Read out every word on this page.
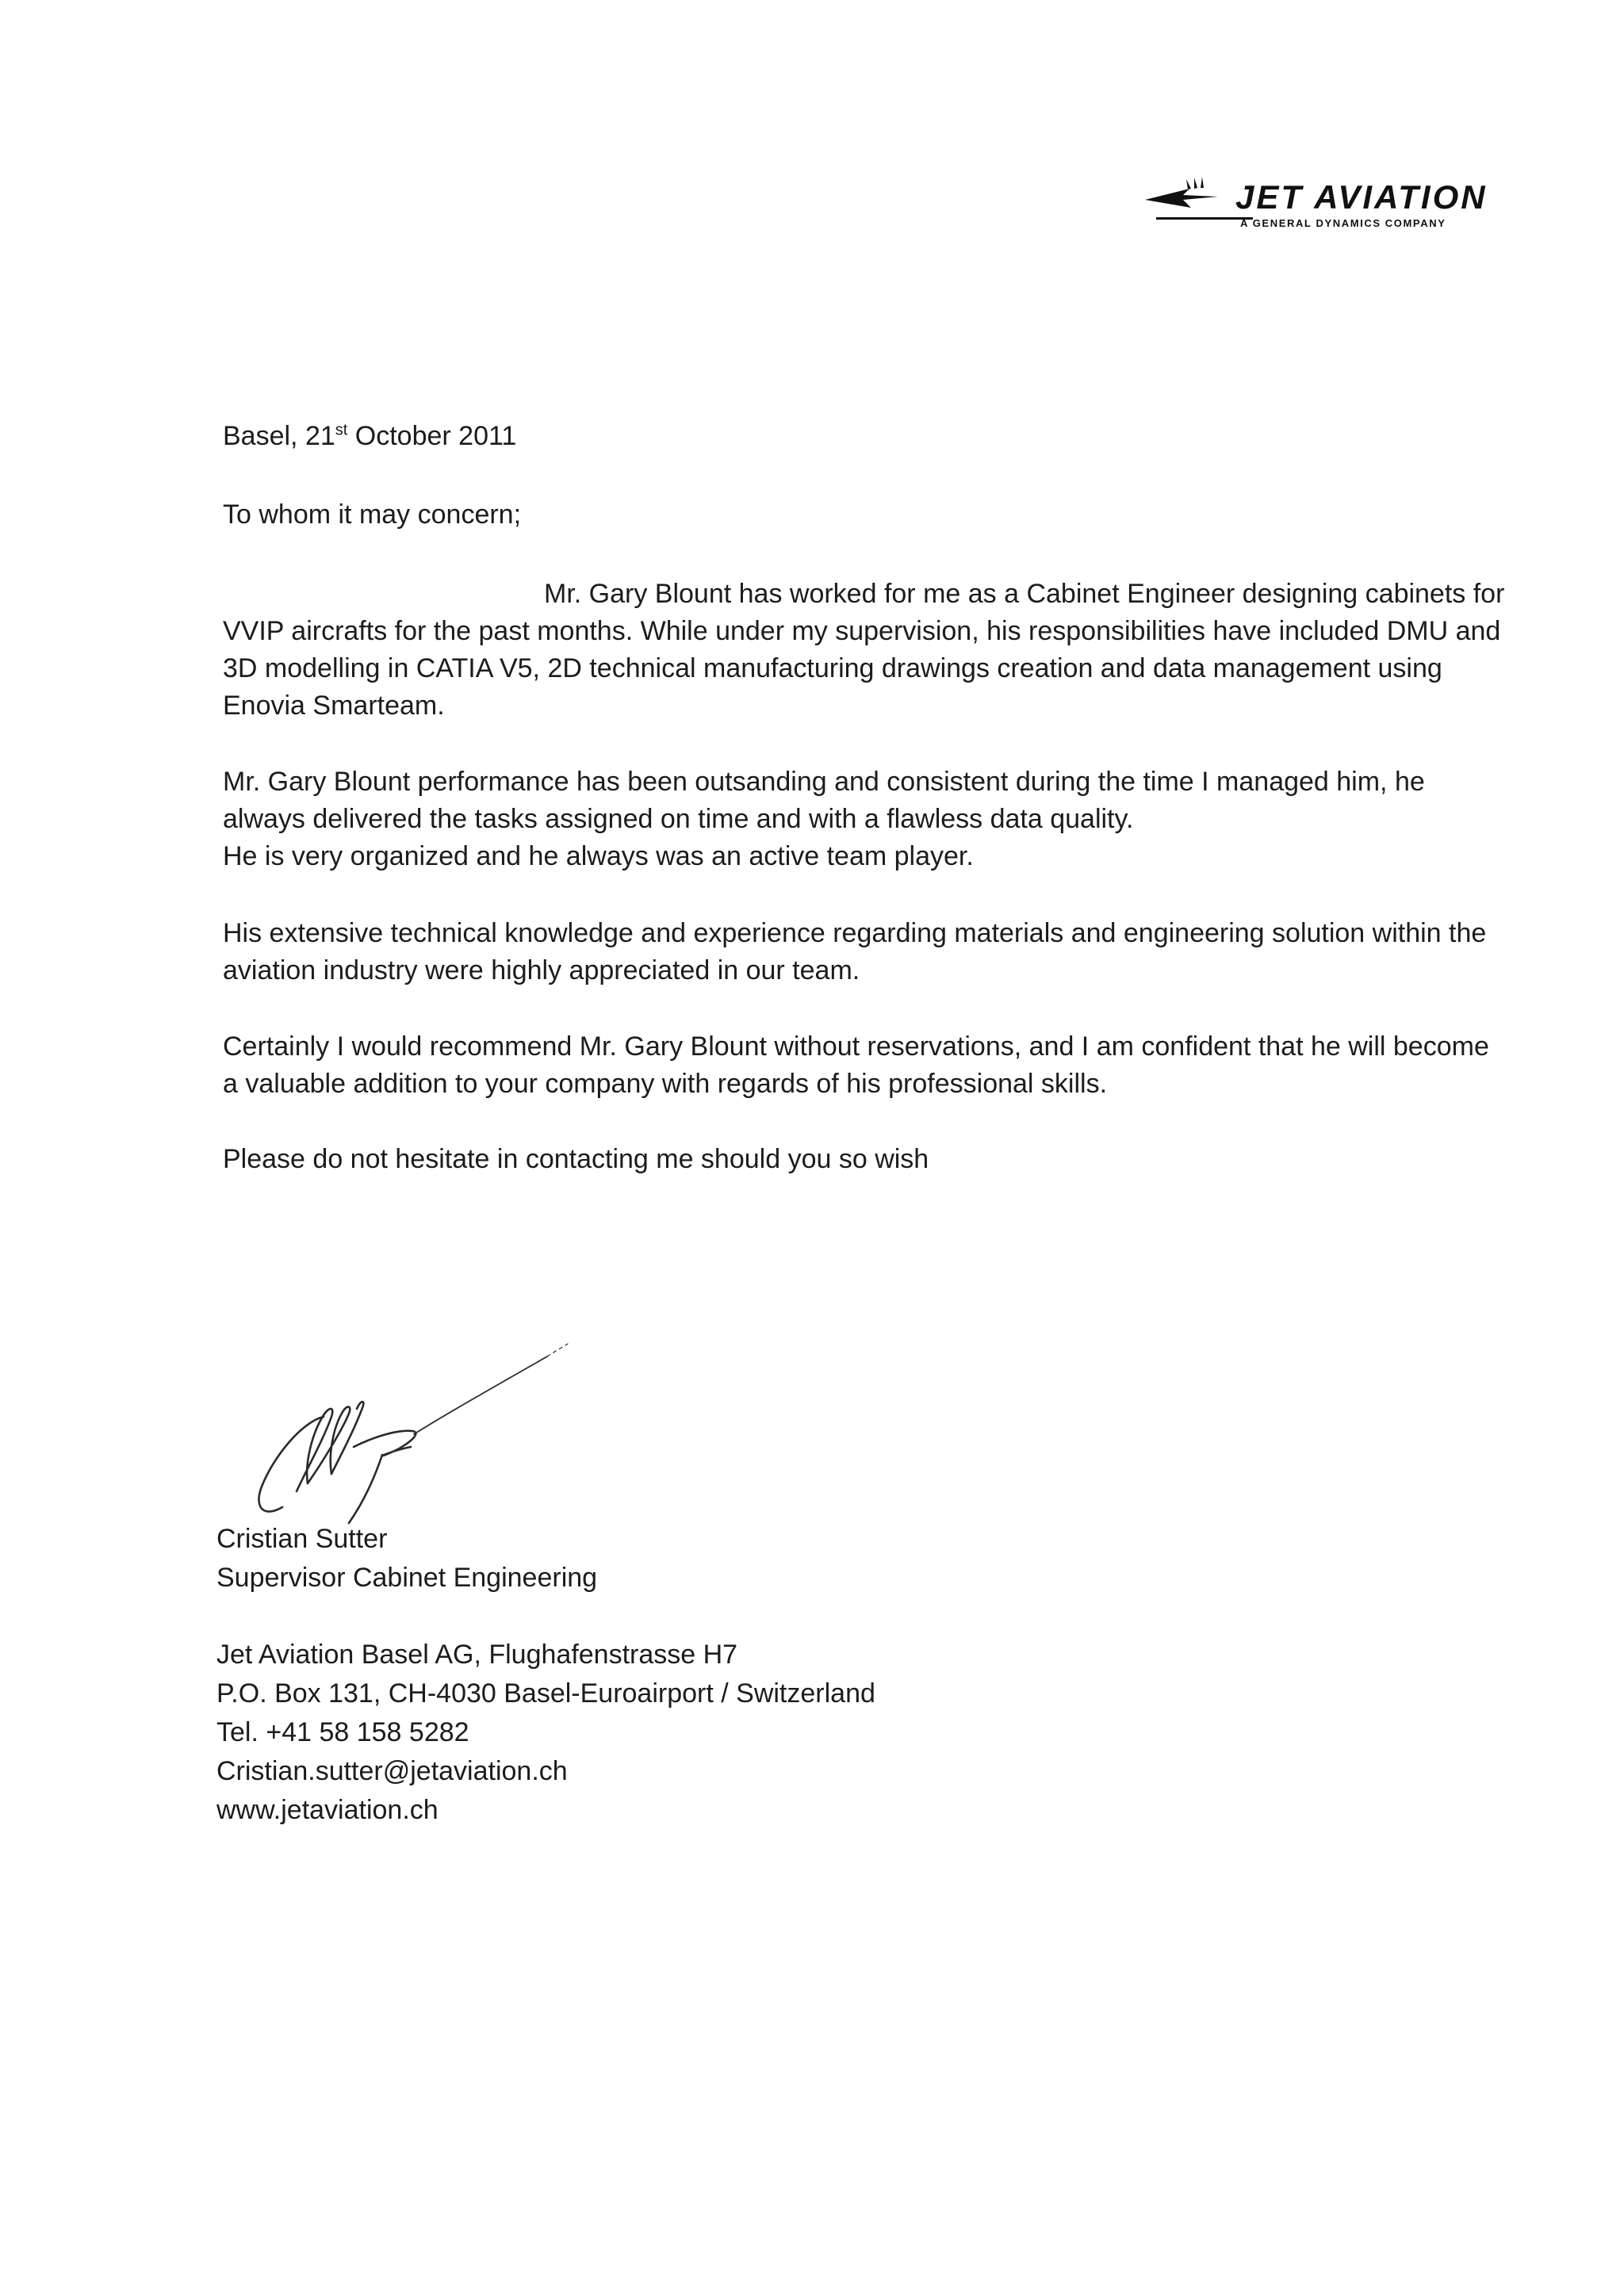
JET AVIATION
A GENERAL DYNAMICS COMPANY
Basel, 21st October 2011
To whom it may concern;
Mr. Gary Blount has worked for me as a Cabinet Engineer designing cabinets for
VVIP aircrafts for the past months. While under my supervision, his responsibilities have included DMU and
3D modelling in CATIA V5, 2D technical manufacturing drawings creation and data management using
Enovia Smarteam.
Mr. Gary Blount performance has been outsanding and consistent during the time I managed him, he
always delivered the tasks assigned on time and with a flawless data quality.
He is very organized and he always was an active team player.
His extensive technical knowledge and experience regarding materials and engineering solution within the
aviation industry were highly appreciated in our team.
Certainly I would recommend Mr. Gary Blount without reservations, and I am confident that he will become
a valuable addition to your company with regards of his professional skills.
Please do not hesitate in contacting me should you so wish
Cristian Sutter
Supervisor Cabinet Engineering
Jet Aviation Basel AG, Flughafenstrasse H7
P.O. Box 131, CH-4030 Basel-Euroairport / Switzerland
Tel. +41 58 158 5282
Cristian.sutter@jetaviation.ch
www.jetaviation.ch
